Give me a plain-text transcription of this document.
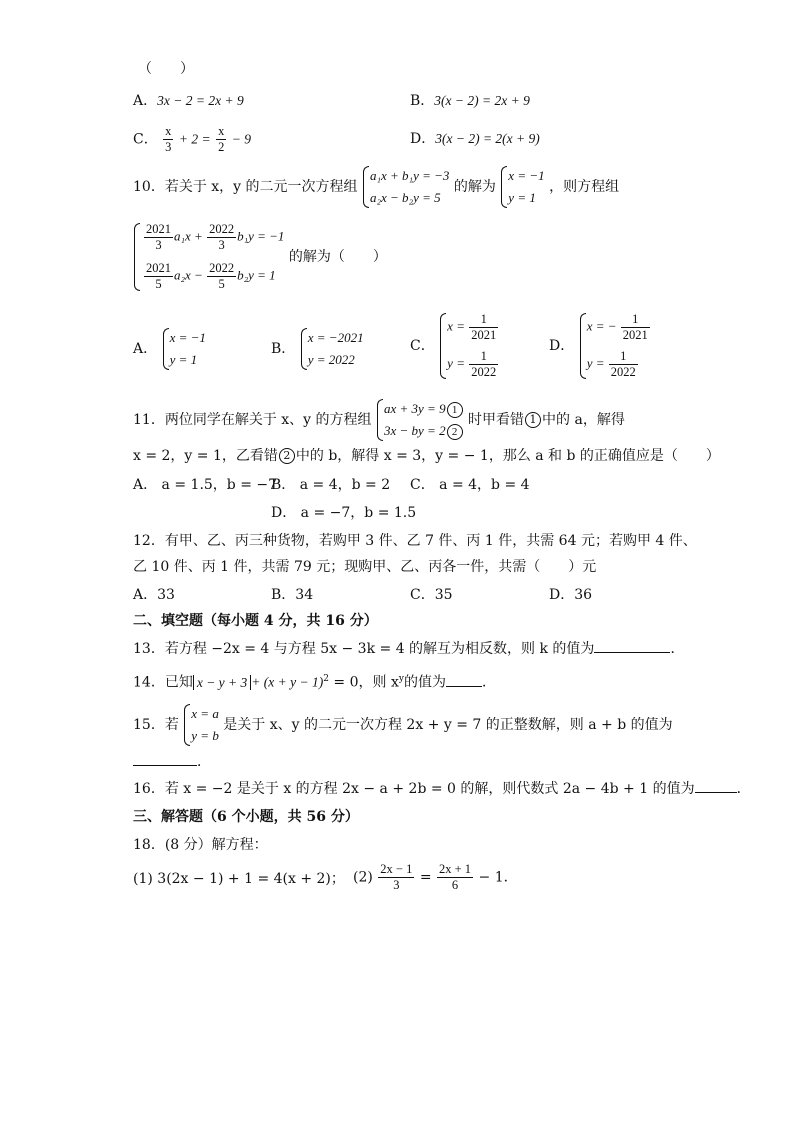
（　　）
A．3x − 2 = 2x + 9	B．3(x − 2) = 2x + 9
C． $\frac{x}{3} + 2 = \frac{x}{2} - 9$	D．3(x − 2) = 2(x + 9)
10．若关于 x，y 的二元一次方程组
a₁x + b₁y = −3
a₂x − b₂y = 5
的解为
x = −1
y = 1
，则方程组
$\frac{2021}{3} a_1x + \frac{2022}{3} b_1y = -1$
$\frac{2021}{5} a_2x - \frac{2022}{5} b_2y = 1$
的解为（　　）
A．
x = −1
y = 1
B．
x = −2021
y = 2022
C．
$x = \frac{1}{2021}$
$y = \frac{1}{2022}$
D．
x = − $\frac{1}{2021}$
$y = \frac{1}{2022}$
11．两位同学在解关于 x、y 的方程组
ax + 3y = 9 1
3x − by = 2 2
时甲看错 1 中的 a，解得
x = 2，y = 1，乙看错 2 中的 b，解得 x = 3，y = − 1，那么 a 和 b 的正确值应是（　　）
A． a = 1.5，b = −7
B． a = 4，b = 2 C． a = 4，b = 4
D． a = −7，b = 1.5
12．有甲、乙、丙三种货物，若购甲 3 件、乙 7 件、丙 1 件，共需 64 元；若购甲 4 件、
乙 10 件、丙 1 件，共需 79 元；现购甲、乙、丙各一件，共需（　　）元
A．33	B．34	C．35	D．36
二、填空题（每小题 4 分，共 16 分）
13．若方程 −2x = 4 与方程 5x − 3k = 4 的解互为相反数，则 k 的值为	．
14．已知 $x - y + 3 + (x + y - 1)^2 = 0$，则 $x^y$的值为	．
15．若
x = a
y = b
是关于 x、y 的二元一次方程 2x + y = 7 的正整数解，则 a + b 的值为
．
16．若 x = −2 是关于 x 的方程 2x − a + 2b = 0 的解，则代数式 2a − 4b + 1 的值为	．
三、解答题（6 个小题，共 56 分）
18．(8 分）解方程：
(1) 3(2x − 1) + 1 = 4(x + 2)； $(2) \frac{2x - 1}{3} = \frac{2x + 1}{6} - 1$．
